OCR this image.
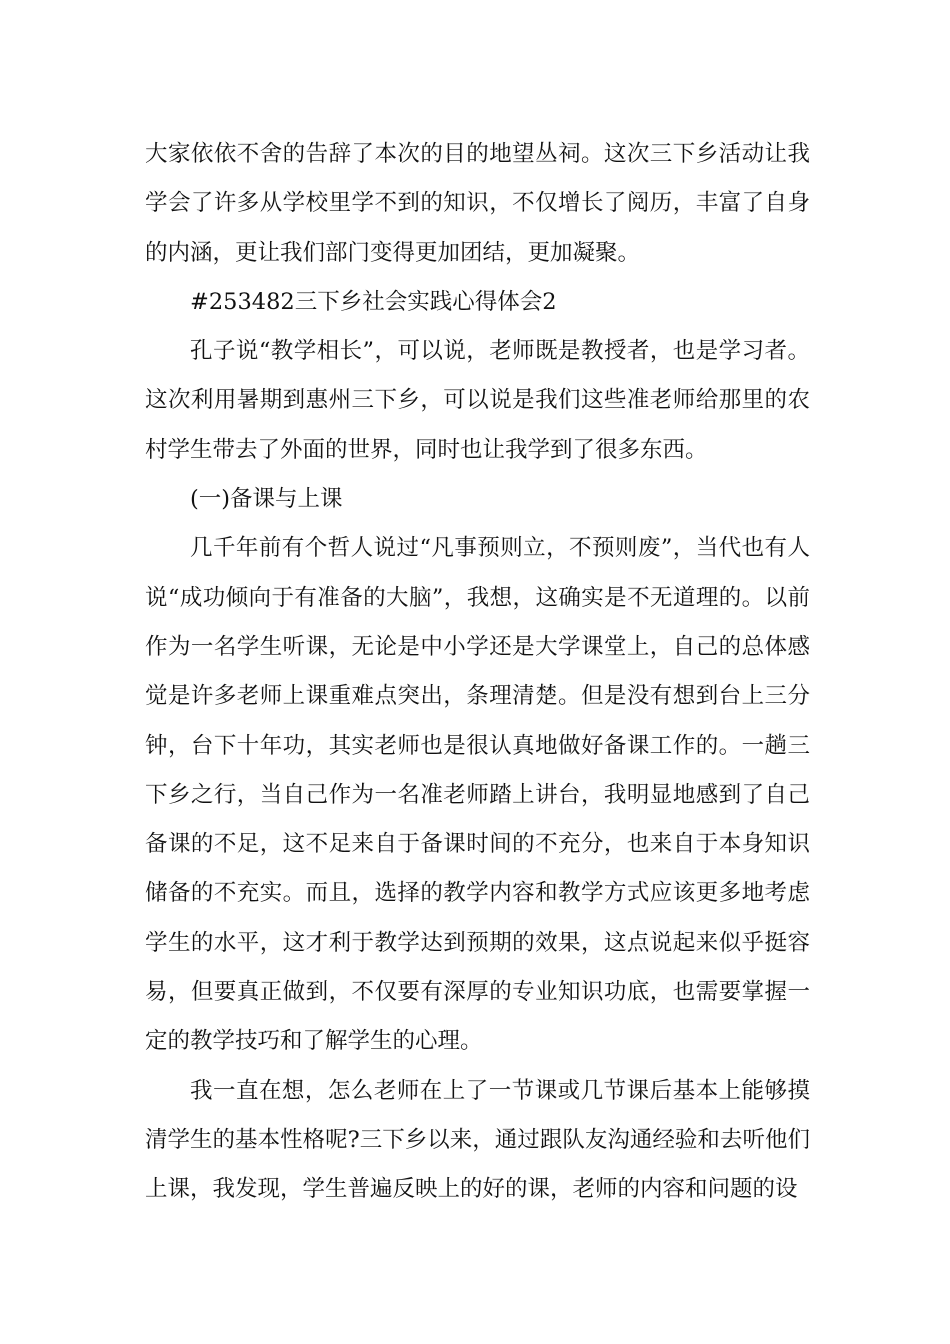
大家依依不舍的告辞了本次的目的地望丛祠。这次三下乡活动让我学会了许多从学校里学不到的知识，不仅增长了阅历，丰富了自身的内涵，更让我们部门变得更加团结，更加凝聚。

#253482三下乡社会实践心得体会2

孔子说“教学相长”，可以说，老师既是教授者，也是学习者。这次利用暑期到惠州三下乡，可以说是我们这些准老师给那里的农村学生带去了外面的世界，同时也让我学到了很多东西。

(一)备课与上课

几千年前有个哲人说过“凡事预则立，不预则废”，当代也有人说“成功倾向于有准备的大脑”，我想，这确实是不无道理的。以前作为一名学生听课，无论是中小学还是大学课堂上，自己的总体感觉是许多老师上课重难点突出，条理清楚。但是没有想到台上三分钟，台下十年功，其实老师也是很认真地做好备课工作的。一趟三下乡之行，当自己作为一名准老师踏上讲台，我明显地感到了自己备课的不足，这不足来自于备课时间的不充分，也来自于本身知识储备的不充实。而且，选择的教学内容和教学方式应该更多地考虑学生的水平，这才利于教学达到预期的效果，这点说起来似乎挺容易，但要真正做到，不仅要有深厚的专业知识功底，也需要掌握一定的教学技巧和了解学生的心理。

我一直在想，怎么老师在上了一节课或几节课后基本上能够摸清学生的基本性格呢?三下乡以来，通过跟队友沟通经验和去听他们上课，我发现，学生普遍反映上的好的课，老师的内容和问题的设
